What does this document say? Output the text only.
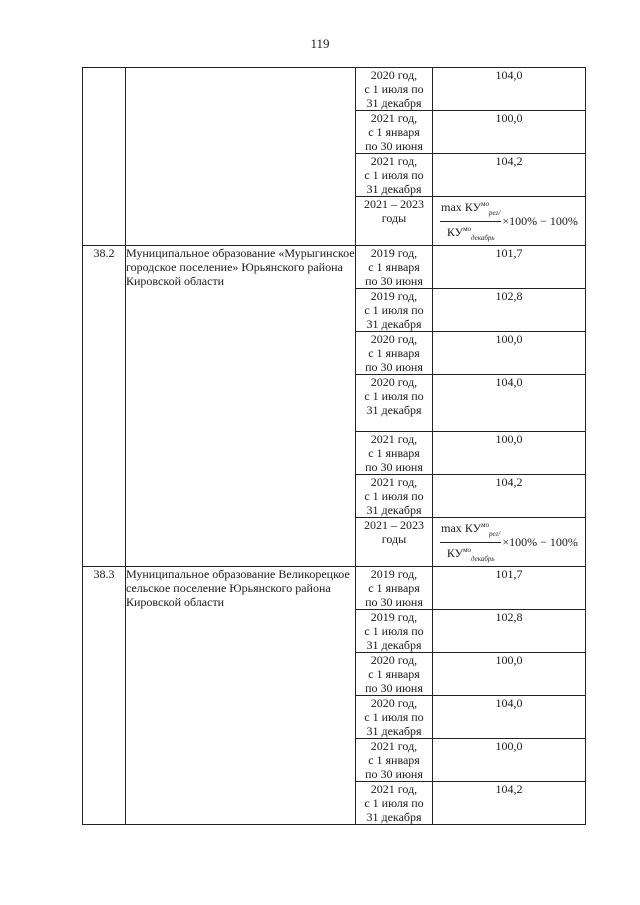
119

		2020 год,
с 1 июля по
31 декабря	104,0

		2021 год,
с 1 января
по 30 июня	100,0

		2021 год,
с 1 июля по
31 декабря	104,2

		2021 – 2023
годы	$\frac{\max КУ^{мо}_{рег/}}{КУ^{мо}_{декабрь}} \times 100\% - 100\%$

38.2	Муниципальное образование «Мурыгинское городское поселение» Юрьянского района Кировской области	2019 год,
с 1 января
по 30 июня	101,7

		2019 год,
с 1 июля по
31 декабря	102,8

		2020 год,
с 1 января
по 30 июня	100,0

		2020 год,
с 1 июля по
31 декабря	104,0

		2021 год,
с 1 января
по 30 июня	100,0

		2021 год,
с 1 июля по
31 декабря	104,2

		2021 – 2023
годы	$\frac{\max КУ^{мо}_{рег/}}{КУ^{мо}_{декабрь}} \times 100\% - 100\%$

38.3	Муниципальное образование Великорецкое сельское поселение Юрьянского района Кировской области	2019 год,
с 1 января
по 30 июня	101,7

		2019 год,
с 1 июля по
31 декабря	102,8

		2020 год,
с 1 января
по 30 июня	100,0

		2020 год,
с 1 июля по
31 декабря	104,0

		2021 год,
с 1 января
по 30 июня	100,0

		2021 год,
с 1 июля по
31 декабря	104,2
